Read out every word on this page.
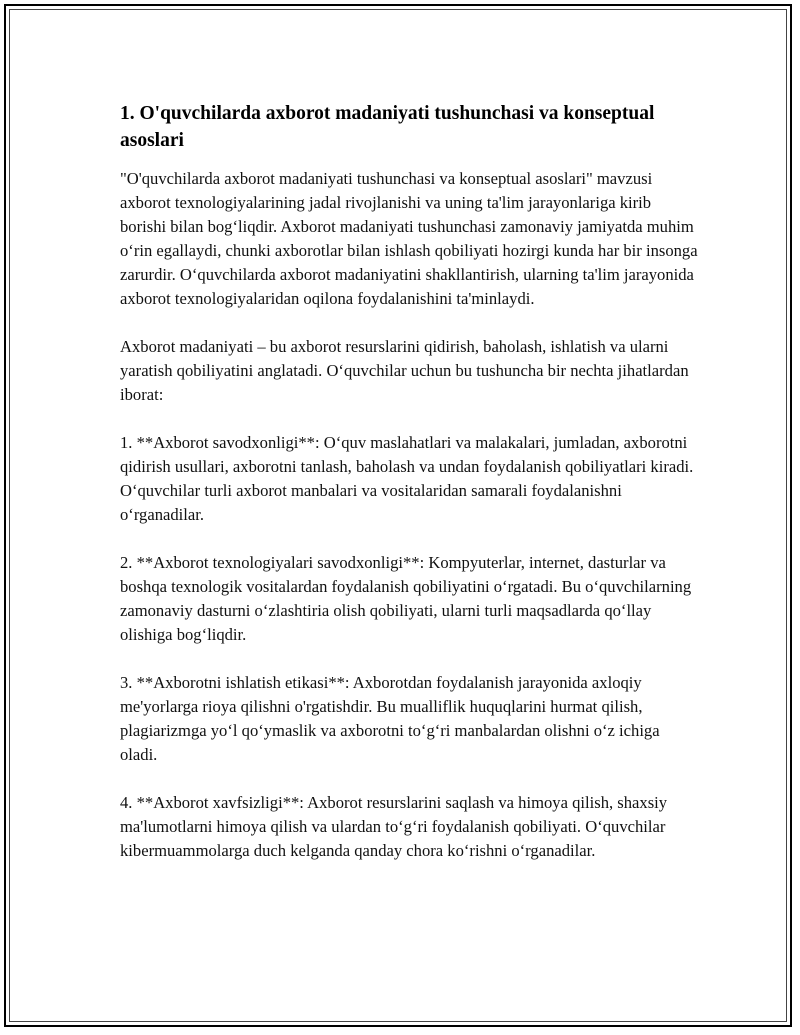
1. O'quvchilarda axborot madaniyati tushunchasi va konseptual asoslari

"O'quvchilarda axborot madaniyati tushunchasi va konseptual asoslari" mavzusi axborot texnologiyalarining jadal rivojlanishi va uning ta'lim jarayonlariga kirib borishi bilan bog‘liqdir. Axborot madaniyati tushunchasi zamonaviy jamiyatda muhim o‘rin egallaydi, chunki axborotlar bilan ishlash qobiliyati hozirgi kunda har bir insonga zarurdir. O‘quvchilarda axborot madaniyatini shakllantirish, ularning ta'lim jarayonida axborot texnologiyalaridan oqilona foydalanishini ta'minlaydi.

Axborot madaniyati – bu axborot resurslarini qidirish, baholash, ishlatish va ularni yaratish qobiliyatini anglatadi. O‘quvchilar uchun bu tushuncha bir nechta jihatlardan iborat:

1. **Axborot savodxonligi**: O‘quv maslahatlari va malakalari, jumladan, axborotni qidirish usullari, axborotni tanlash, baholash va undan foydalanish qobiliyatlari kiradi. O‘quvchilar turli axborot manbalari va vositalaridan samarali foydalanishni o‘rganadilar.

2. **Axborot texnologiyalari savodxonligi**: Kompyuterlar, internet, dasturlar va boshqa texnologik vositalardan foydalanish qobiliyatini o‘rgatadi. Bu o‘quvchilarning zamonaviy dasturni o‘zlashtiria olish qobiliyati, ularni turli maqsadlarda qo‘llay olishiga bog‘liqdir.

3. **Axborotni ishlatish etikasi**: Axborotdan foydalanish jarayonida axloqiy me'yorlarga rioya qilishni o'rgatishdir. Bu mualliflik huquqlarini hurmat qilish, plagiarizmga yo‘l qo‘ymaslik va axborotni to‘g‘ri manbalardan olishni o‘z ichiga oladi.

4. **Axborot xavfsizligi**: Axborot resurslarini saqlash va himoya qilish, shaxsiy ma'lumotlarni himoya qilish va ulardan to‘g‘ri foydalanish qobiliyati. O‘quvchilar kibermuammolarga duch kelganda qanday chora ko‘rishni o‘rganadilar.
